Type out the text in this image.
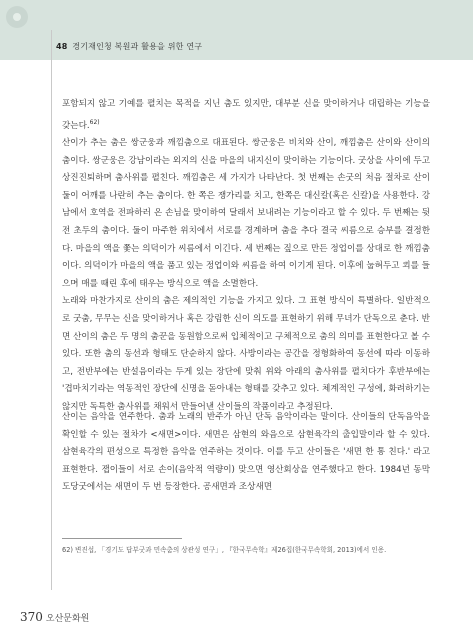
48 경기재인청 복원과 활용을 위한 연구
포함되지 않고 기예를 펼치는 목적을 지닌 춤도 있지만, 대부분 신을 맞이하거나 대립하는 기능을 갖는다.$^{62)}$
산이가 추는 춤은 쌍군웅과 깨낌춤으로 대표된다. 쌍군웅은 비치와 산이, 깨낌춤은 산이와 산이의 춤이다. 쌍군웅은 강남이라는 외지의 신을 마을의 내지신이 맞이하는 기능이다. 굿상을 사이에 두고 상진진퇴하며 춤사위를 펼친다. 깨낌춤은 세 가지가 나타난다. 첫 번째는 손굿의 처음 절차로 산이 둘이 어깨를 나란히 추는 춤이다. 한 쪽은 쟁가리를 치고, 한쪽은 대신칼(혹은 신칼)을 사용한다. 강남에서 호역을 전파하러 온 손님을 맞이하여 달래서 보내려는 기능이라고 할 수 있다. 두 번째는 뒷전 초두의 춤이다. 둘이 마주한 위치에서 서로를 경계하며 춤을 추다 결국 씨름으로 승부를 결정한다. 마을의 액을 쫓는 의덕이가 씨름에서 이긴다. 세 번째는 짚으로 만든 정업이를 상대로 한 깨낌춤이다. 의덕이가 마을의 액을 품고 있는 정업이와 씨름을 하여 이기게 된다. 이후에 눕혀두고 쾨를 들으며 매를 때린 후에 태우는 방식으로 액을 소멸한다.
노래와 마찬가지로 산이의 춤은 제의적인 기능을 가지고 있다. 그 표현 방식이 특별하다. 일반적으로 굿춤, 무무는 신을 맞이하거나 혹은 강림한 신이 의도를 표현하기 위해 무녀가 단독으로 춘다. 반면 산이의 춤은 두 명의 춤꾼을 동원함으로써 입체적이고 구체적으로 춤의 의미를 표현한다고 볼 수 있다. 또한 춤의 동선과 형태도 단순하지 않다. 사방이라는 공간을 정형화하여 동선에 따라 이동하고, 전반부에는 반설음이라는 두게 있는 장단에 맞춰 위와 아래의 춤사위를 펼치다가 후반부에는 '겹마치기라는 역동적인 장단에 신명을 돋아내는 형태를 갖추고 있다. 체계적인 구성에, 화려하기는 않지만 독특한 춤사위를 채워서 만들어낸 산이들의 작품이라고 추정된다.
산이는 음악을 연주한다. 춤과 노래의 반주가 아닌 단독 음악이라는 말이다. 산이들의 단독음악을 확인할 수 있는 절차가 <새면>이다. 새면은 삼현의 와음으로 삼현육각의 출입말이라 할 수 있다. 삼현육각의 편성으로 특정한 음악을 연주하는 것이다. 이를 두고 산이들은 '새면 한 통 친다.' 라고 표현한다. 잽이들이 서로 손이(음악적 역량이) 맞으면 영산회상을 연주했다고 한다. 1984년 동막도당굿에서는 새면이 두 번 등장한다. 공새면과 조상새면
62) 변진섭, 「경기도 답부굿과 민속춤의 상관성 연구」, 『한국무속학』제26집(한국무속학회, 2013)에서 인용.
370 오산문화원
